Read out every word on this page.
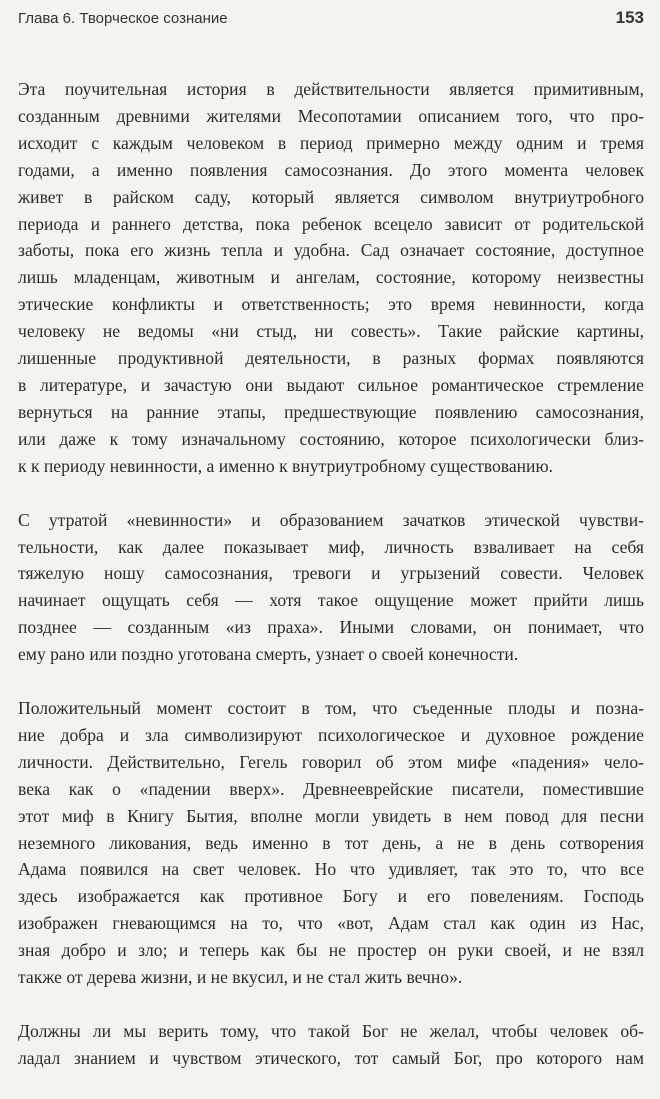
Глава 6. Творческое сознание	153

Эта поучительная история в действительности является примитивным,
созданным древними жителями Месопотамии описанием того, что про-
исходит с каждым человеком в период примерно между одним и тремя
годами, а именно появления самосознания. До этого момента человек
живет в райском саду, который является символом внутриутробного
периода и раннего детства, пока ребенок всецело зависит от родительской
заботы, пока его жизнь тепла и удобна. Сад означает состояние, доступное
лишь младенцам, животным и ангелам, состояние, которому неизвестны
этические конфликты и ответственность; это время невинности, когда
человеку не ведомы «ни стыд, ни совесть». Такие райские картины,
лишенные продуктивной деятельности, в разных формах появляются
в литературе, и зачастую они выдают сильное романтическое стремление
вернуться на ранние этапы, предшествующие появлению самосознания,
или даже к тому изначальному состоянию, которое психологически близ-
к к периоду невинности, а именно к внутриутробному существованию.

С утратой «невинности» и образованием зачатков этической чувстви-
тельности, как далее показывает миф, личность взваливает на себя
тяжелую ношу самосознания, тревоги и угрызений совести. Человек
начинает ощущать себя — хотя такое ощущение может прийти лишь
позднее — созданным «из праха». Иными словами, он понимает, что
ему рано или поздно уготована смерть, узнает о своей конечности.

Положительный момент состоит в том, что съеденные плоды и позна-
ние добра и зла символизируют психологическое и духовное рождение
личности. Действительно, Гегель говорил об этом мифе «падения» чело-
века как о «падении вверх». Древнееврейские писатели, поместившие
этот миф в Книгу Бытия, вполне могли увидеть в нем повод для песни
неземного ликования, ведь именно в тот день, а не в день сотворения
Адама появился на свет человек. Но что удивляет, так это то, что все
здесь изображается как противное Богу и его повелениям. Господь
изображен гневающимся на то, что «вот, Адам стал как один из Нас,
зная добро и зло; и теперь как бы не простер он руки своей, и не взял
также от дерева жизни, и не вкусил, и не стал жить вечно».

Должны ли мы верить тому, что такой Бог не желал, чтобы человек об-
ладал знанием и чувством этического, тот самый Бог, про которого нам
